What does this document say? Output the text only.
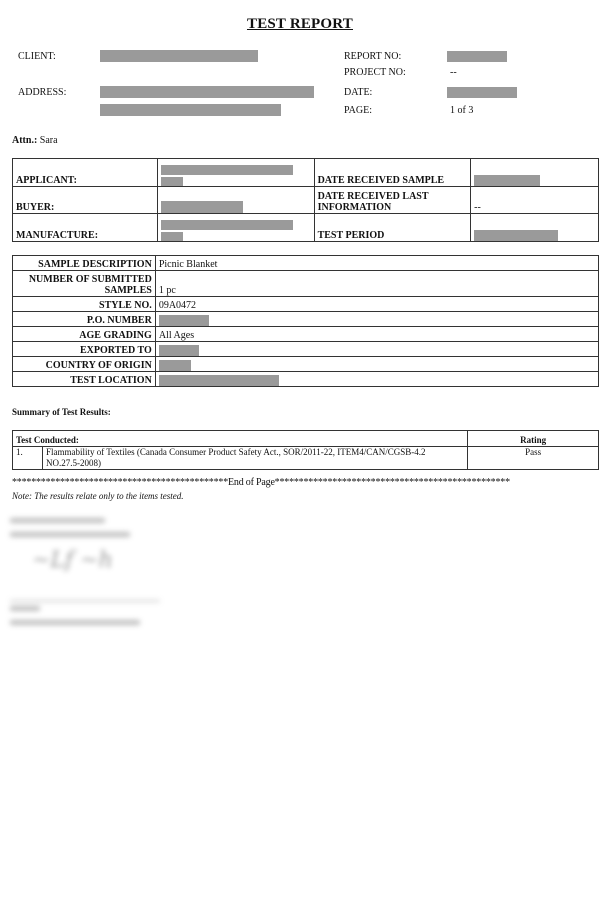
TEST REPORT
CLIENT:
ADDRESS:
REPORT NO:
PROJECT NO:	--
DATE:
PAGE:	1 of 3
Attn.: Sara
APPLICANT:		DATE RECEIVED SAMPLE	

BUYER:		DATE RECEIVED LAST INFORMATION	--
MANUFACTURE:		TEST PERIOD	
SAMPLE DESCRIPTION	Picnic Blanket
NUMBER OF SUBMITTED SAMPLES	1 pc
STYLE NO.	09A0472
P.O. NUMBER	

AGE GRADING	All Ages
EXPORTED TO	

COUNTRY OF ORIGIN	

TEST LOCATION	
Summary of Test Results:
Test Conducted:		Rating
1.	Flammability of Textiles (Canada Consumer Product Safety Act., SOR/2011-22, ITEM4/CAN/CGSB-4.2 NO.27.5-2008)	Pass
*********************************************End of Page*************************************************
Note: The results relate only to the items tested.
~Lf ~h
